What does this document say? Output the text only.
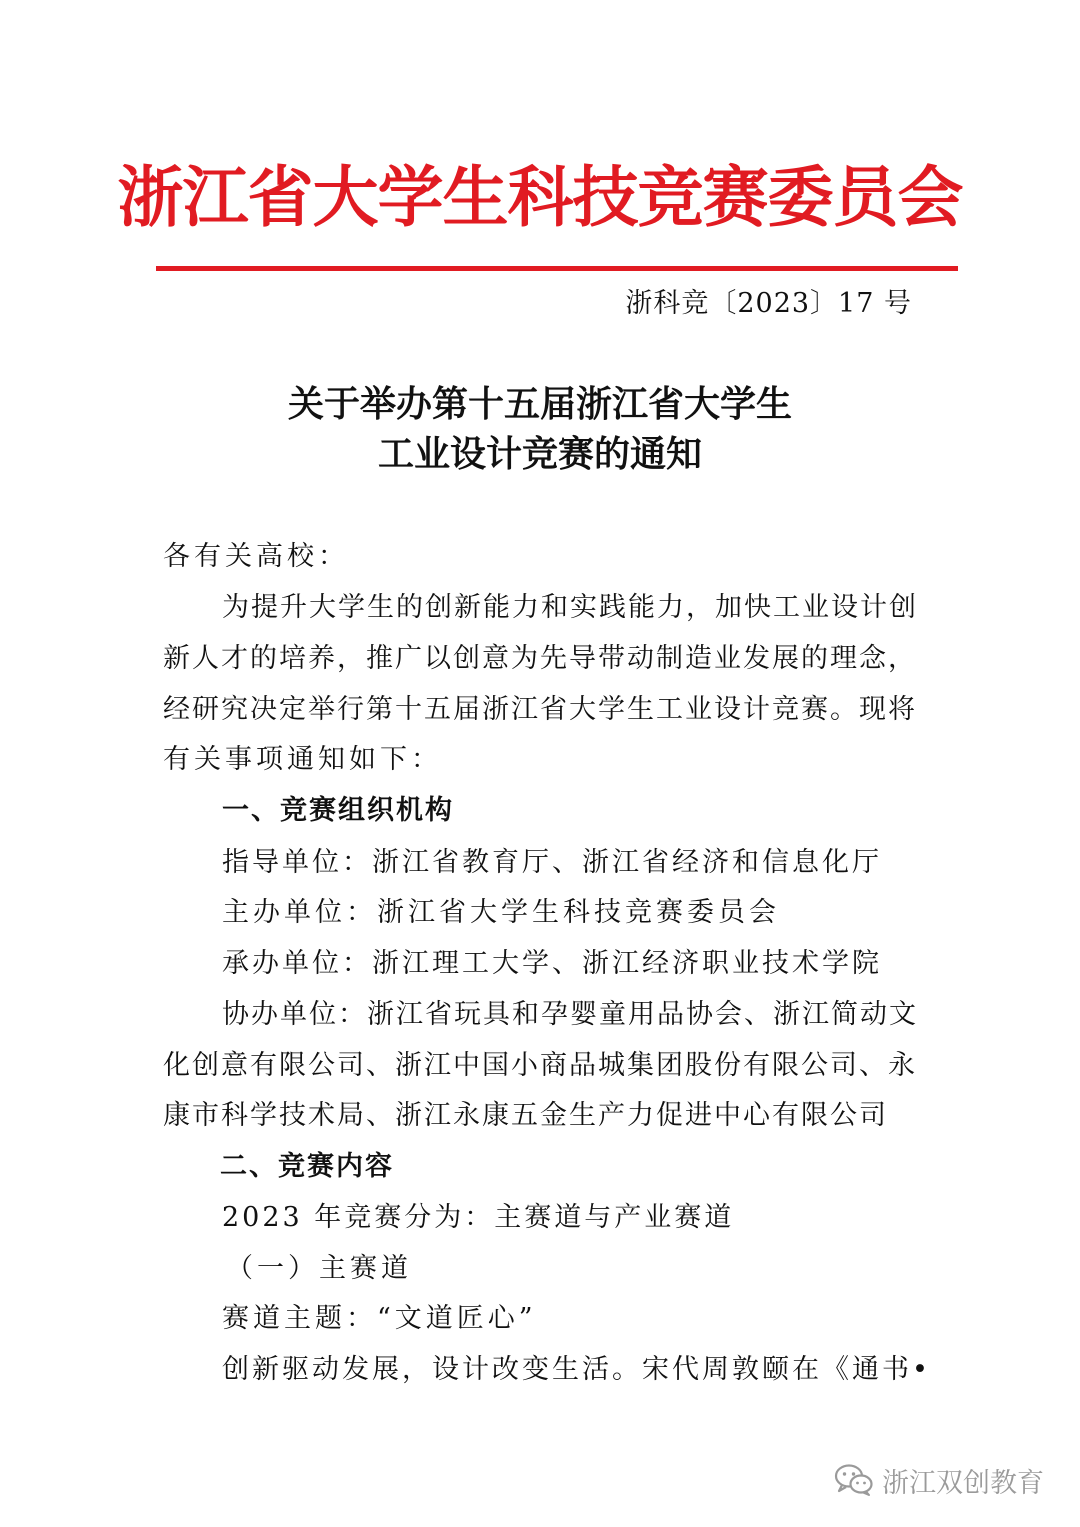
浙江省大学生科技竞赛委员会
浙科竞〔2023〕17 号
关于举办第十五届浙江省大学生
工业设计竞赛的通知
各有关高校：
为提升大学生的创新能力和实践能力，加快工业设计创
新人才的培养，推广以创意为先导带动制造业发展的理念，
经研究决定举行第十五届浙江省大学生工业设计竞赛。现将
有关事项通知如下：
一、竞赛组织机构
指导单位：浙江省教育厅、浙江省经济和信息化厅
主办单位：浙江省大学生科技竞赛委员会
承办单位：浙江理工大学、浙江经济职业技术学院
协办单位：浙江省玩具和孕婴童用品协会、浙江简动文
化创意有限公司、浙江中国小商品城集团股份有限公司、永
康市科学技术局、浙江永康五金生产力促进中心有限公司
二、竞赛内容
2023 年竞赛分为：主赛道与产业赛道
（一）主赛道
赛道主题：“文道匠心”
创新驱动发展，设计改变生活。宋代周敦颐在《通书•
浙江双创教育
